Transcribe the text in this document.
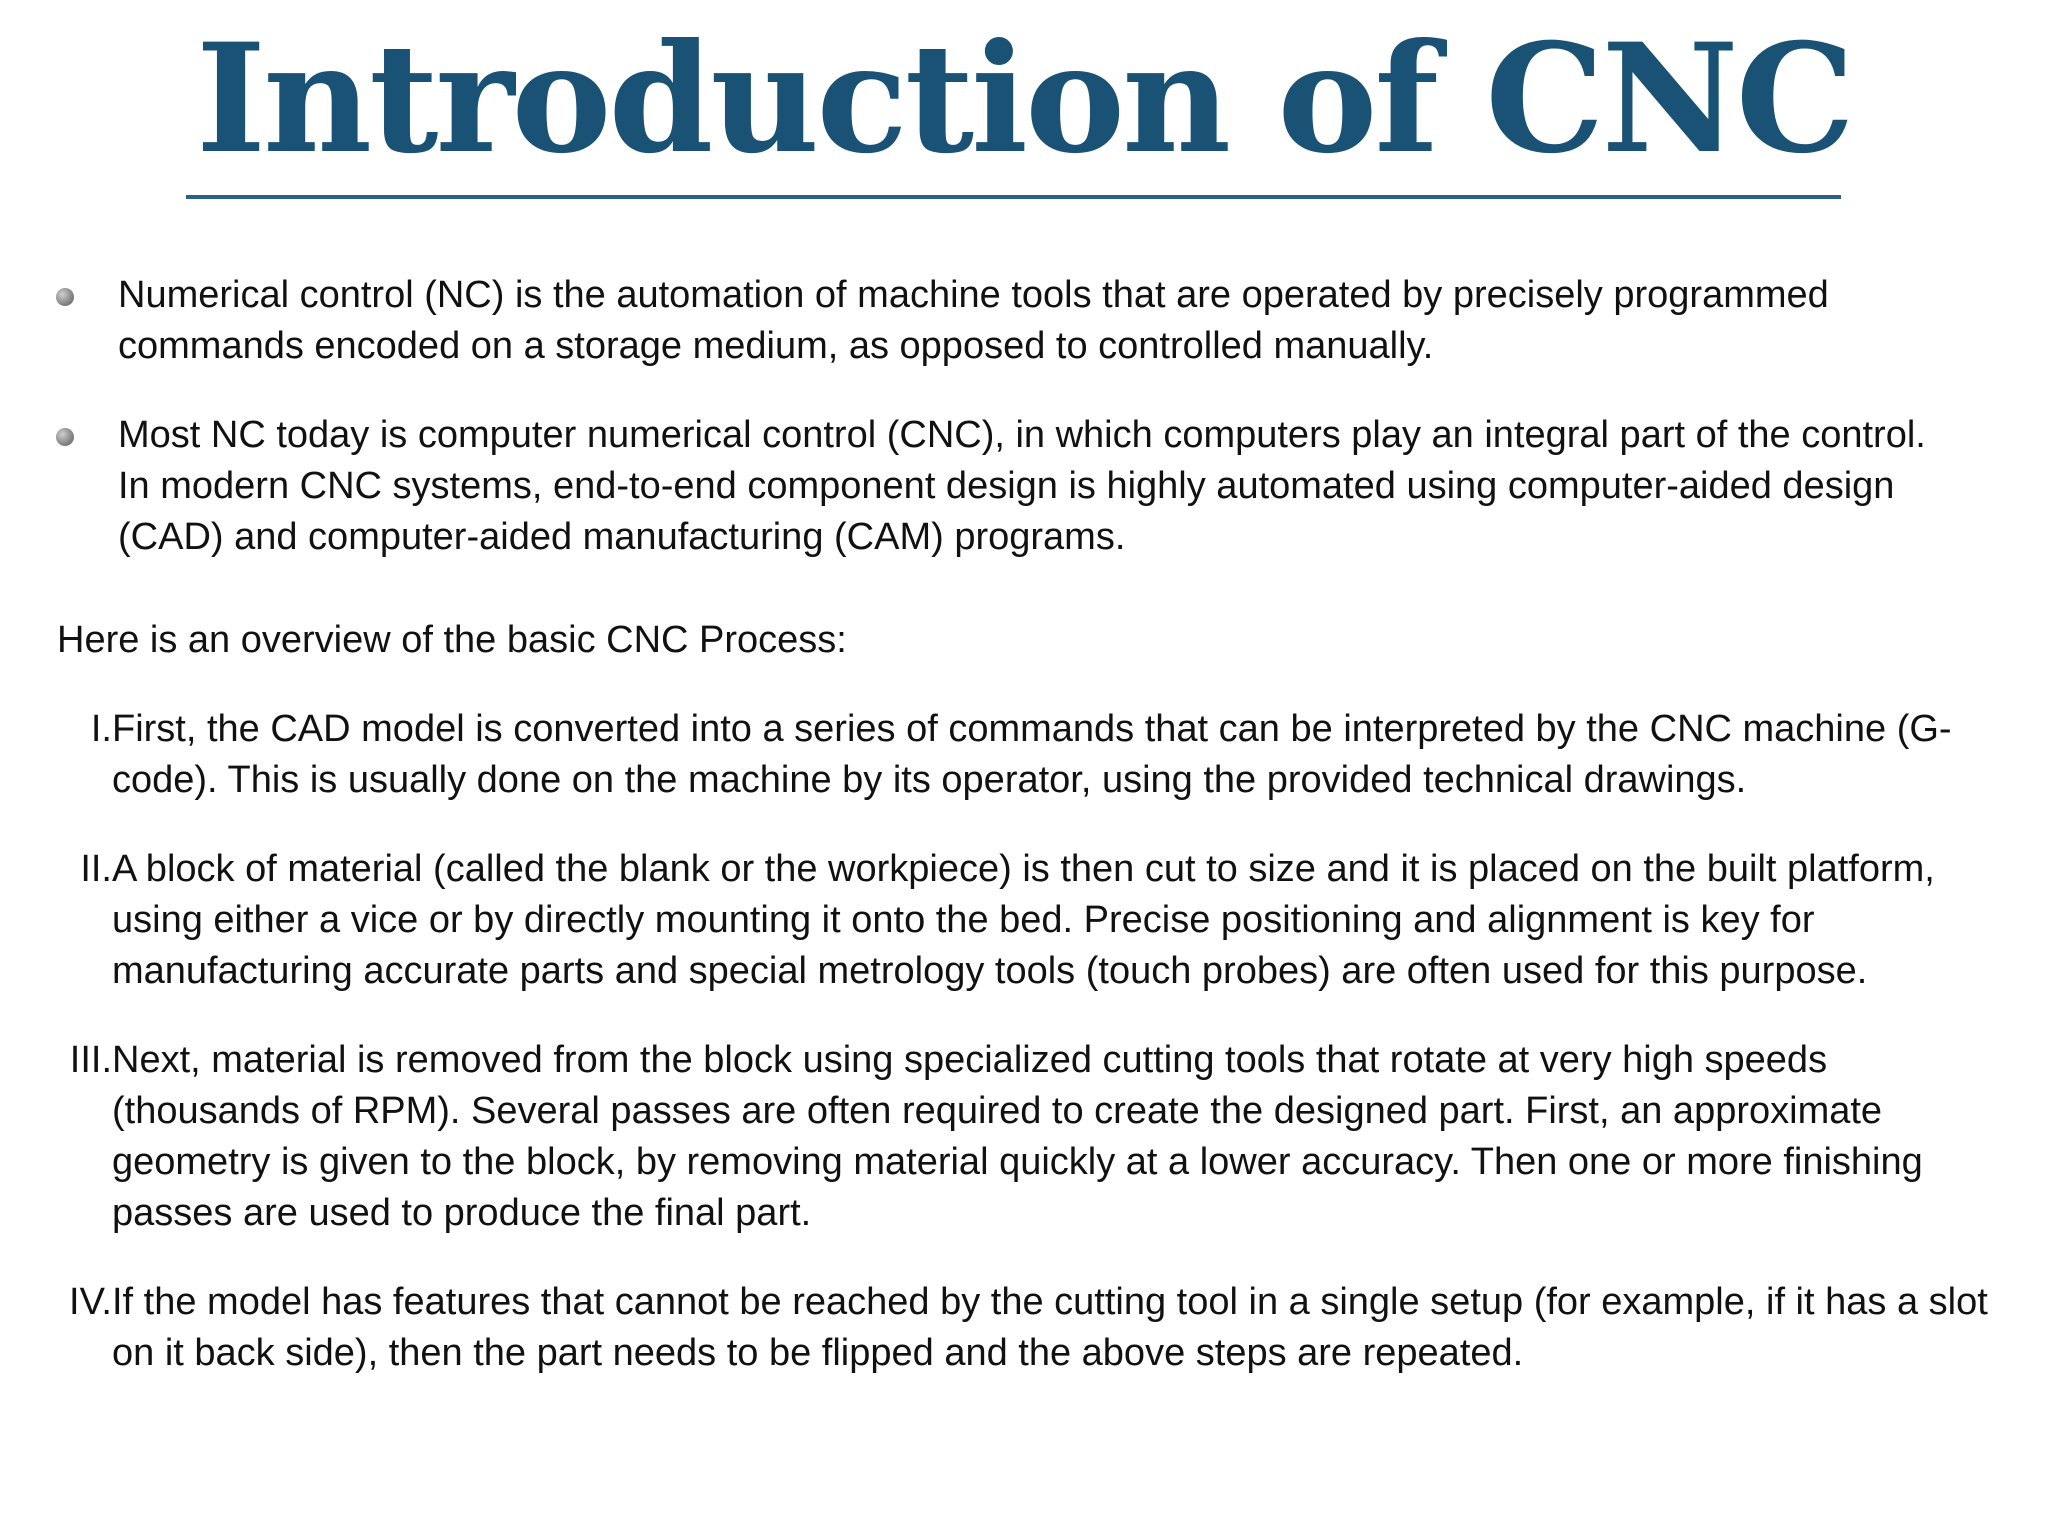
Introduction of CNC
Numerical control (NC) is the automation of machine tools that are operated by precisely programmed commands encoded on a storage medium, as opposed to controlled manually.
Most NC today is computer numerical control (CNC), in which computers play an integral part of the control. In modern CNC systems, end-to-end component design is highly automated using computer-aided design (CAD) and computer-aided manufacturing (CAM) programs.
Here is an overview of the basic CNC Process:
I. First, the CAD model is converted into a series of commands that can be interpreted by the CNC machine (G-code). This is usually done on the machine by its operator, using the provided technical drawings.
II. A block of material (called the blank or the workpiece) is then cut to size and it is placed on the built platform, using either a vice or by directly mounting it onto the bed. Precise positioning and alignment is key for manufacturing accurate parts and special metrology tools (touch probes) are often used for this purpose.
III. Next, material is removed from the block using specialized cutting tools that rotate at very high speeds (thousands of RPM). Several passes are often required to create the designed part. First, an approximate geometry is given to the block, by removing material quickly at a lower accuracy. Then one or more finishing passes are used to produce the final part.
IV. If the model has features that cannot be reached by the cutting tool in a single setup (for example, if it has a slot on it back side), then the part needs to be flipped and the above steps are repeated.
